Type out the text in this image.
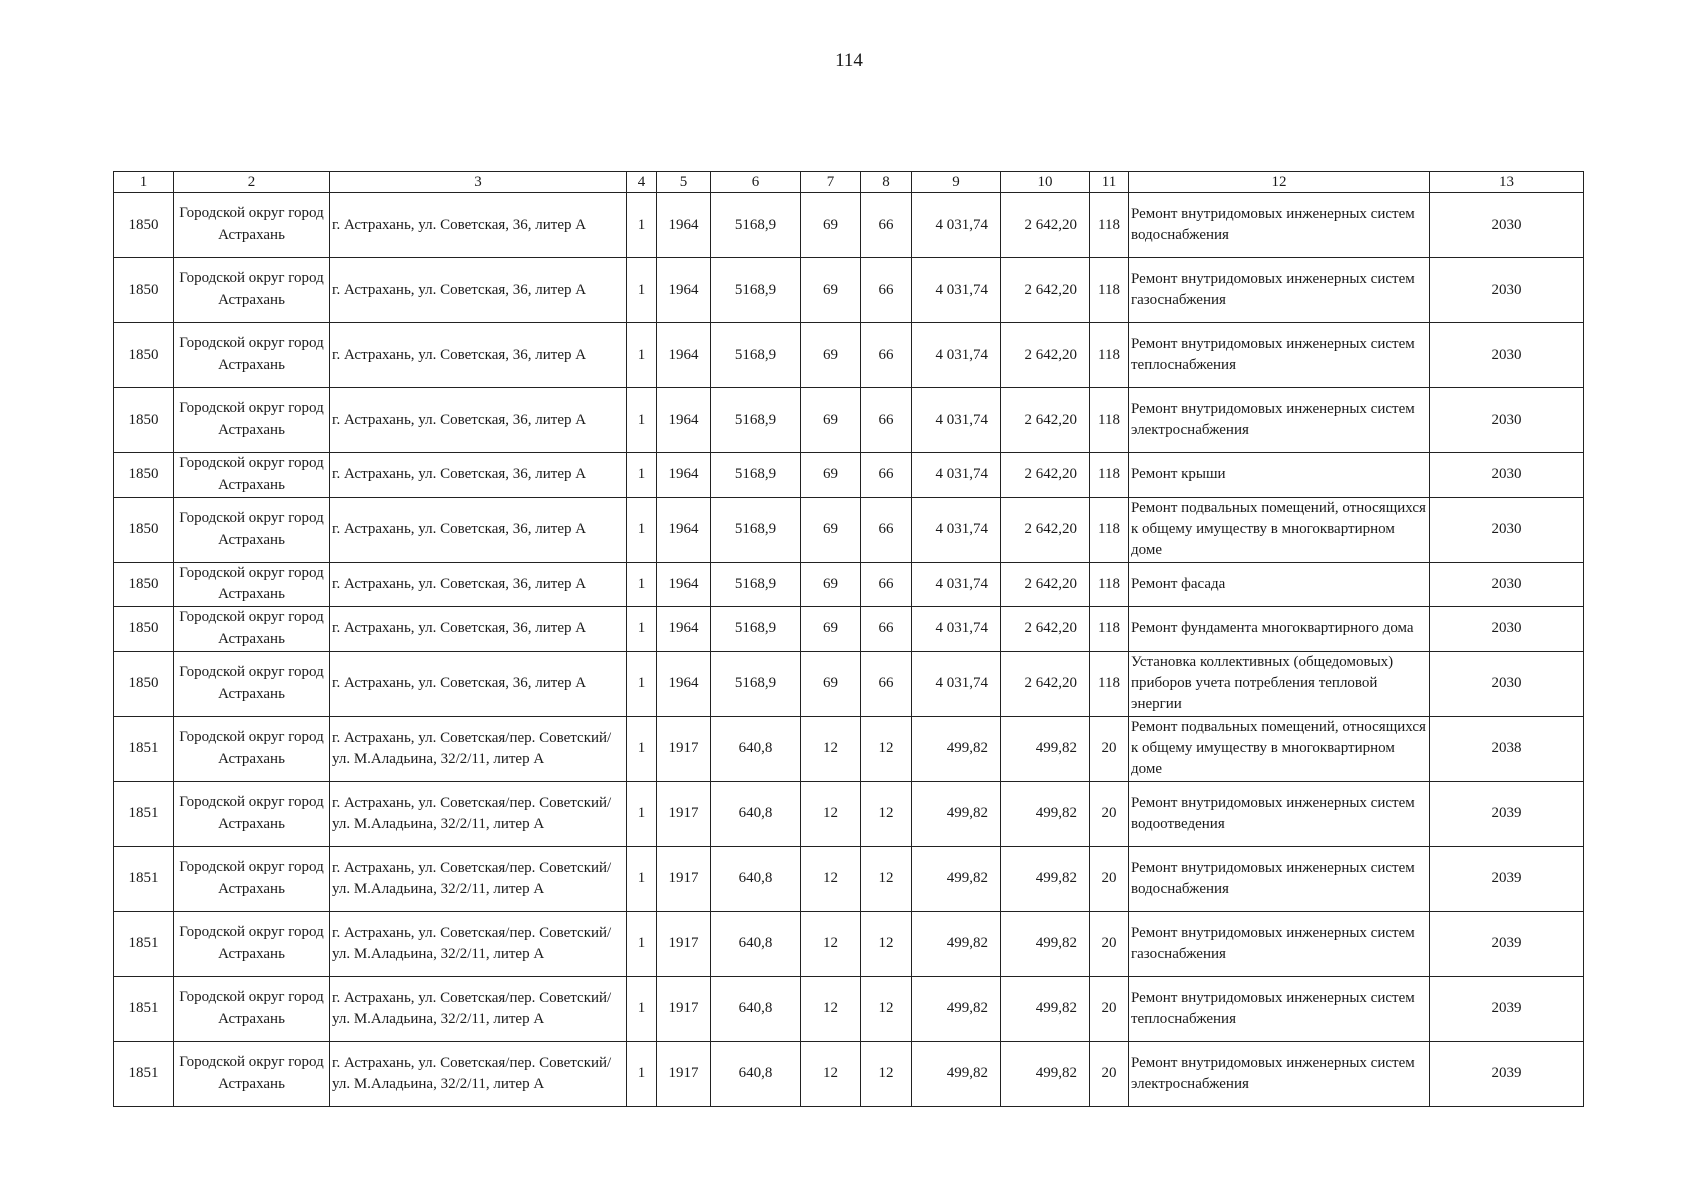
114
1	2	3	4	5	6	7	8	9	10	11	12	13
1850	Городской округ город Астрахань	г. Астрахань, ул. Советская, 36, литер А	1	1964	5168,9	69	66	4 031,74	2 642,20	118	Ремонт внутридомовых инженерных систем водоснабжения	2030
1850	Городской округ город Астрахань	г. Астрахань, ул. Советская, 36, литер А	1	1964	5168,9	69	66	4 031,74	2 642,20	118	Ремонт внутридомовых инженерных систем газоснабжения	2030
1850	Городской округ город Астрахань	г. Астрахань, ул. Советская, 36, литер А	1	1964	5168,9	69	66	4 031,74	2 642,20	118	Ремонт внутридомовых инженерных систем теплоснабжения	2030
1850	Городской округ город Астрахань	г. Астрахань, ул. Советская, 36, литер А	1	1964	5168,9	69	66	4 031,74	2 642,20	118	Ремонт внутридомовых инженерных систем электроснабжения	2030
1850	Городской округ город Астрахань	г. Астрахань, ул. Советская, 36, литер А	1	1964	5168,9	69	66	4 031,74	2 642,20	118	Ремонт крыши	2030
1850	Городской округ город Астрахань	г. Астрахань, ул. Советская, 36, литер А	1	1964	5168,9	69	66	4 031,74	2 642,20	118	Ремонт подвальных помещений, относящихся к общему имуществу в многоквартирном доме	2030
1850	Городской округ город Астрахань	г. Астрахань, ул. Советская, 36, литер А	1	1964	5168,9	69	66	4 031,74	2 642,20	118	Ремонт фасада	2030
1850	Городской округ город Астрахань	г. Астрахань, ул. Советская, 36, литер А	1	1964	5168,9	69	66	4 031,74	2 642,20	118	Ремонт фундамента многоквартирного дома	2030
1850	Городской округ город Астрахань	г. Астрахань, ул. Советская, 36, литер А	1	1964	5168,9	69	66	4 031,74	2 642,20	118	Установка коллективных (общедомовых) приборов учета потребления тепловой энергии	2030
1851	Городской округ город Астрахань	г. Астрахань, ул. Советская/пер. Советский/ ул. М.Аладьина, 32/2/11, литер А	1	1917	640,8	12	12	499,82	499,82	20	Ремонт подвальных помещений, относящихся к общему имуществу в многоквартирном доме	2038
1851	Городской округ город Астрахань	г. Астрахань, ул. Советская/пер. Советский/ ул. М.Аладьина, 32/2/11, литер А	1	1917	640,8	12	12	499,82	499,82	20	Ремонт внутридомовых инженерных систем водоотведения	2039
1851	Городской округ город Астрахань	г. Астрахань, ул. Советская/пер. Советский/ ул. М.Аладьина, 32/2/11, литер А	1	1917	640,8	12	12	499,82	499,82	20	Ремонт внутридомовых инженерных систем водоснабжения	2039
1851	Городской округ город Астрахань	г. Астрахань, ул. Советская/пер. Советский/ ул. М.Аладьина, 32/2/11, литер А	1	1917	640,8	12	12	499,82	499,82	20	Ремонт внутридомовых инженерных систем газоснабжения	2039
1851	Городской округ город Астрахань	г. Астрахань, ул. Советская/пер. Советский/ ул. М.Аладьина, 32/2/11, литер А	1	1917	640,8	12	12	499,82	499,82	20	Ремонт внутридомовых инженерных систем теплоснабжения	2039
1851	Городской округ город Астрахань	г. Астрахань, ул. Советская/пер. Советский/ ул. М.Аладьина, 32/2/11, литер А	1	1917	640,8	12	12	499,82	499,82	20	Ремонт внутридомовых инженерных систем электроснабжения	2039
